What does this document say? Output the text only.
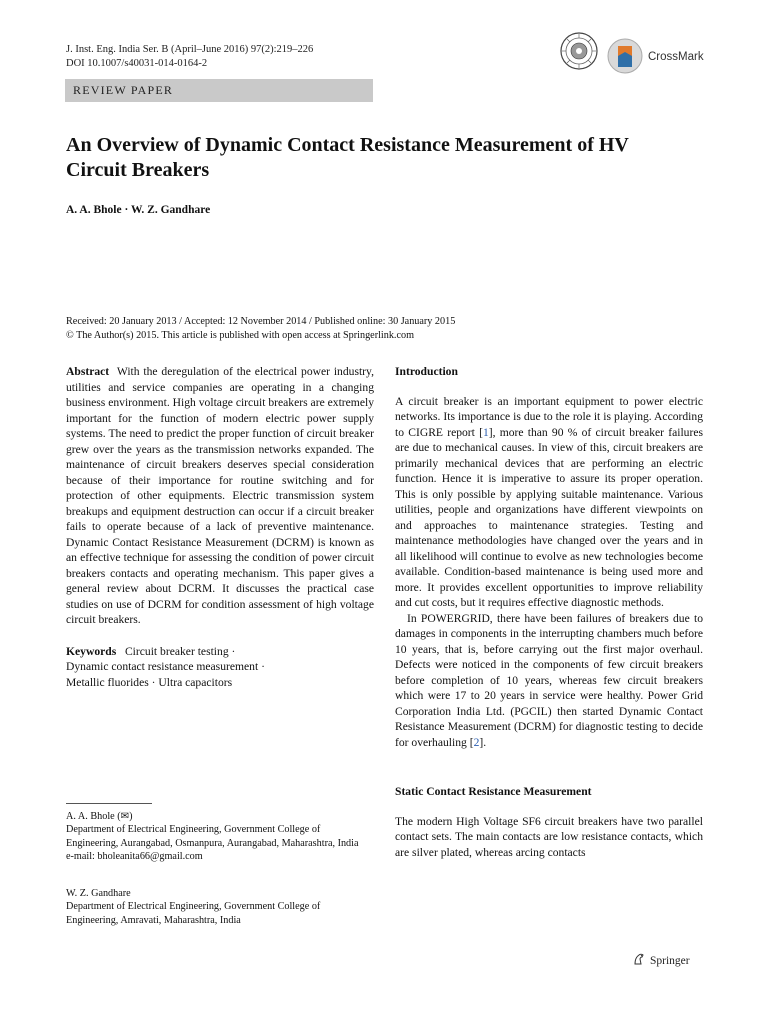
J. Inst. Eng. India Ser. B (April–June 2016) 97(2):219–226
DOI 10.1007/s40031-014-0164-2
CrossMark
REVIEW PAPER
An Overview of Dynamic Contact Resistance Measurement of HV
Circuit Breakers
A. A. Bhole · W. Z. Gandhare
Received: 20 January 2013 / Accepted: 12 November 2014 / Published online: 30 January 2015
© The Author(s) 2015. This article is published with open access at Springerlink.com

Abstract With the deregulation of the electrical power industry, utilities and service companies are operating in a changing business environment. High voltage circuit breakers are extremely important for the function of modern electric power supply systems. The need to predict the proper function of circuit breaker grew over the years as the transmission networks expanded. The maintenance of circuit breakers deserves special consideration because of their importance for routine switching and for protection of other equipments. Electric transmission system breakups and equipment destruction can occur if a circuit breaker fails to operate because of a lack of preventive maintenance. Dynamic Contact Resistance Measurement (DCRM) is known as an effective technique for assessing the condition of power circuit breakers contacts and operating mechanism. This paper gives a general review about DCRM. It discusses the practical case studies on use of DCRM for condition assessment of high voltage circuit breakers.

Keywords Circuit breaker testing ·
Dynamic contact resistance measurement ·
Metallic fluorides · Ultra capacitors
A. A. Bhole (✉)
Department of Electrical Engineering, Government College of Engineering, Aurangabad, Osmanpura, Aurangabad, Maharashtra, India
e-mail: bholeanita66@gmail.com
W. Z. Gandhare
Department of Electrical Engineering, Government College of Engineering, Amravati, Maharashtra, India

Introduction

A circuit breaker is an important equipment to power electric networks. Its importance is due to the role it is playing. According to CIGRE report [1], more than 90 % of circuit breaker failures are due to mechanical causes. In view of this, circuit breakers are primarily mechanical devices that are performing an electric function. Hence it is imperative to assure its proper operation. This is only possible by applying suitable maintenance. Various utilities, people and organizations have different viewpoints on and approaches to maintenance strategies. Testing and maintenance methodologies have changed over the years and in all likelihood will continue to evolve as new technologies become available. Condition-based maintenance is being used more and more. It provides excellent opportunities to improve reliability and cut costs, but it requires effective diagnostic methods.

In POWERGRID, there have been failures of breakers due to damages in components in the interrupting chambers much before 10 years, that is, before carrying out the first major overhaul. Defects were noticed in the components of few circuit breakers before completion of 10 years, whereas few circuit breakers which were 17 to 20 years in service were healthy. Power Grid Corporation India Ltd. (PGCIL) then started Dynamic Contact Resistance Measurement (DCRM) for diagnostic testing to decide for overhauling [2].

Static Contact Resistance Measurement

The modern High Voltage SF6 circuit breakers have two parallel contact sets. The main contacts are low resistance contacts, which are silver plated, whereas arcing contacts

Springer
